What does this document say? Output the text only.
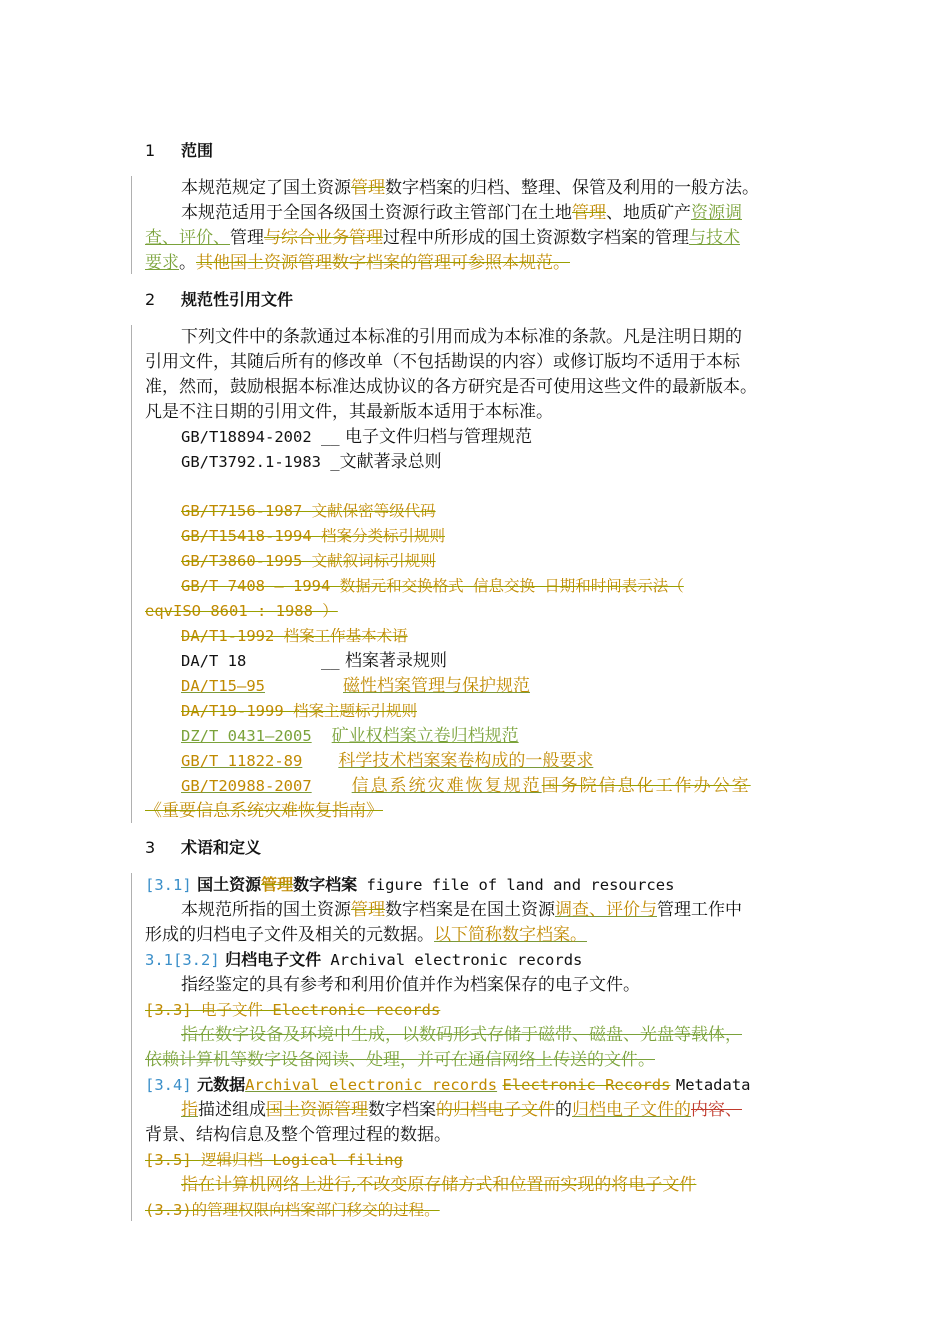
1 范围
本规范规定了国土资源管理数字档案的归档、整理、保管及利用的一般方法。
本规范适用于全国各级国土资源行政主管部门在土地管理、地质矿产资源调
查、评价、管理与综合业务管理过程中所形成的国土资源数字档案的管理与技术
要求。其他国土资源管理数字档案的管理可参照本规范。
2 规范性引用文件
下列文件中的条款通过本标准的引用而成为本标准的条款。凡是注明日期的
引用文件，其随后所有的修改单（不包括勘误的内容）或修订版均不适用于本标
准，然而，鼓励根据本标准达成协议的各方研究是否可使用这些文件的最新版本。
凡是不注日期的引用文件，其最新版本适用于本标准。
GB/T18894-2002 __ 电子文件归档与管理规范
GB/T3792.1-1983 _文献著录总则
GB/T7156-1987 文献保密等级代码
GB/T15418-1994 档案分类标引规则
GB/T3860-1995 文献叙词标引规则
GB/T 7408 — 1994 数据元和交换格式 信息交换 日期和时间表示法（
eqvISO 8601 : 1988 ）
DA/T1-1992 档案工作基本术语
DA/T 18        __ 档案著录规则
DA/T15—95	磁性档案管理与保护规范
DA/T19-1999 档案主题标引规则
DZ/T 0431—2005 矿业权档案立卷归档规范
GB/T 11822-89 科学技术档案案卷构成的一般要求
GB/T20988-2007 信息系统灾难恢复规范国务院信息化工作办公室
《重要信息系统灾难恢复指南》
3 术语和定义
[3.1] 国土资源管理数字档案 figure file of land and resources
本规范所指的国土资源管理数字档案是在国土资源调查、评价与管理工作中
形成的归档电子文件及相关的元数据。以下简称数字档案。
3.1[3.2] 归档电子文件 Archival electronic records
指经鉴定的具有参考和利用价值并作为档案保存的电子文件。
[3.3] 电子文件 Electronic records
指在数字设备及环境中生成，以数码形式存储于磁带、磁盘、光盘等载体，
依赖计算机等数字设备阅读、处理，并可在通信网络上传送的文件。
[3.4] 元数据Archival electronic records Electronic Records Metadata
指描述组成国土资源管理数字档案的归档电子文件的归档电子文件的内容、
背景、结构信息及整个管理过程的数据。
[3.5] 逻辑归档 Logical filing
指在计算机网络上进行,不改变原存储方式和位置而实现的将电子文件
(3.3)的管理权限向档案部门移交的过程。
